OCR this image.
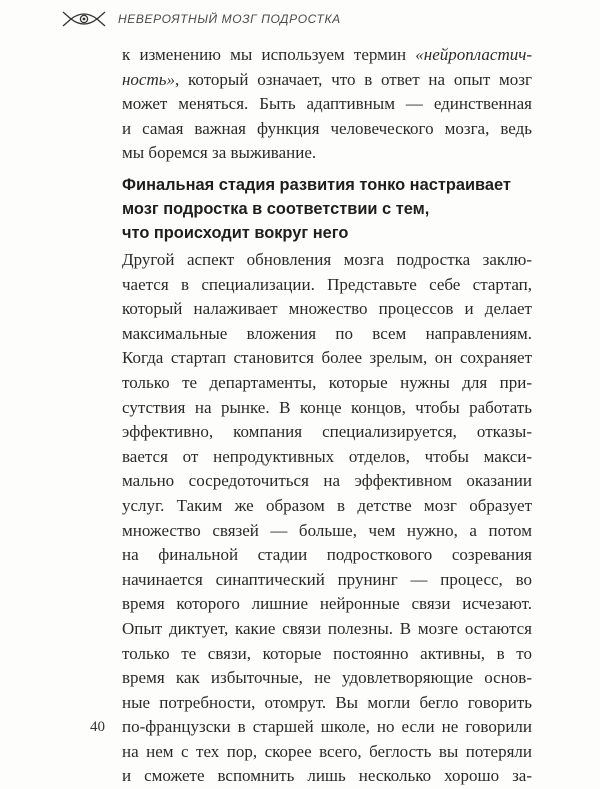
НЕВЕРОЯТНЫЙ МОЗГ ПОДРОСТКА
к изменению мы используем термин «нейропластич-
ность», который означает, что в ответ на опыт мозг
может меняться. Быть адаптивным — единственная
и самая важная функция человеческого мозга, ведь
мы боремся за выживание.
Финальная стадия развития тонко настраивает
мозг подростка в соответствии с тем,
что происходит вокруг него
Другой аспект обновления мозга подростка заклю-
чается в специализации. Представьте себе стартап,
который налаживает множество процессов и делает
максимальные вложения по всем направлениям.
Когда стартап становится более зрелым, он сохраняет
только те департаменты, которые нужны для при-
сутствия на рынке. В конце концов, чтобы работать
эффективно, компания специализируется, отказы-
вается от непродуктивных отделов, чтобы макси-
мально сосредоточиться на эффективном оказании
услуг. Таким же образом в детстве мозг образует
множество связей — больше, чем нужно, а потом
на финальной стадии подросткового созревания
начинается синаптический прунинг — процесс, во
время которого лишние нейронные связи исчезают.
Опыт диктует, какие связи полезны. В мозге остаются
только те связи, которые постоянно активны, в то
время как избыточные, не удовлетворяющие основ-
ные потребности, отомрут. Вы могли бегло говорить
по-французски в старшей школе, но если не говорили
на нем с тех пор, скорее всего, беглость вы потеряли
и сможете вспомнить лишь несколько хорошо за-
40
